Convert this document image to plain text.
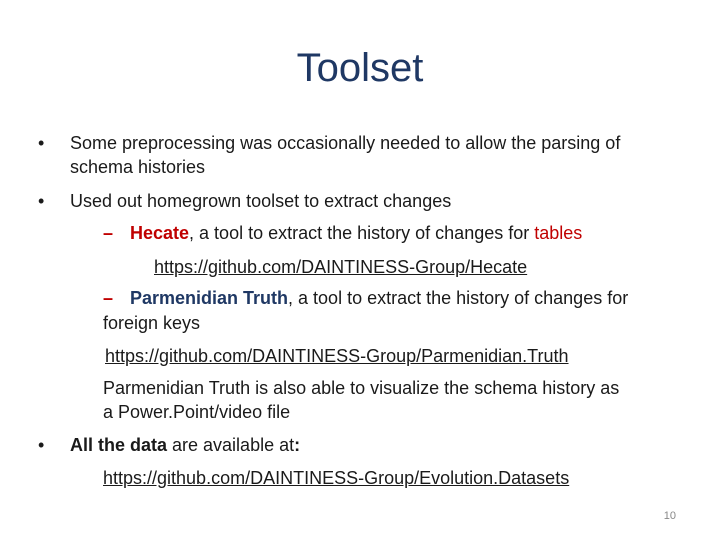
Toolset
• Some preprocessing was occasionally needed to allow the parsing of
schema histories
• Used out homegrown toolset to extract changes
– Hecate, a tool to extract the history of changes for tables
https://github.com/DAINTINESS-Group/Hecate
– Parmenidian Truth, a tool to extract the history of changes for
foreign keys
https://github.com/DAINTINESS-Group/Parmenidian.Truth
Parmenidian Truth is also able to visualize the schema history as
a Power.Point/video file
• All the data are available at:
https://github.com/DAINTINESS-Group/Evolution.Datasets
10
